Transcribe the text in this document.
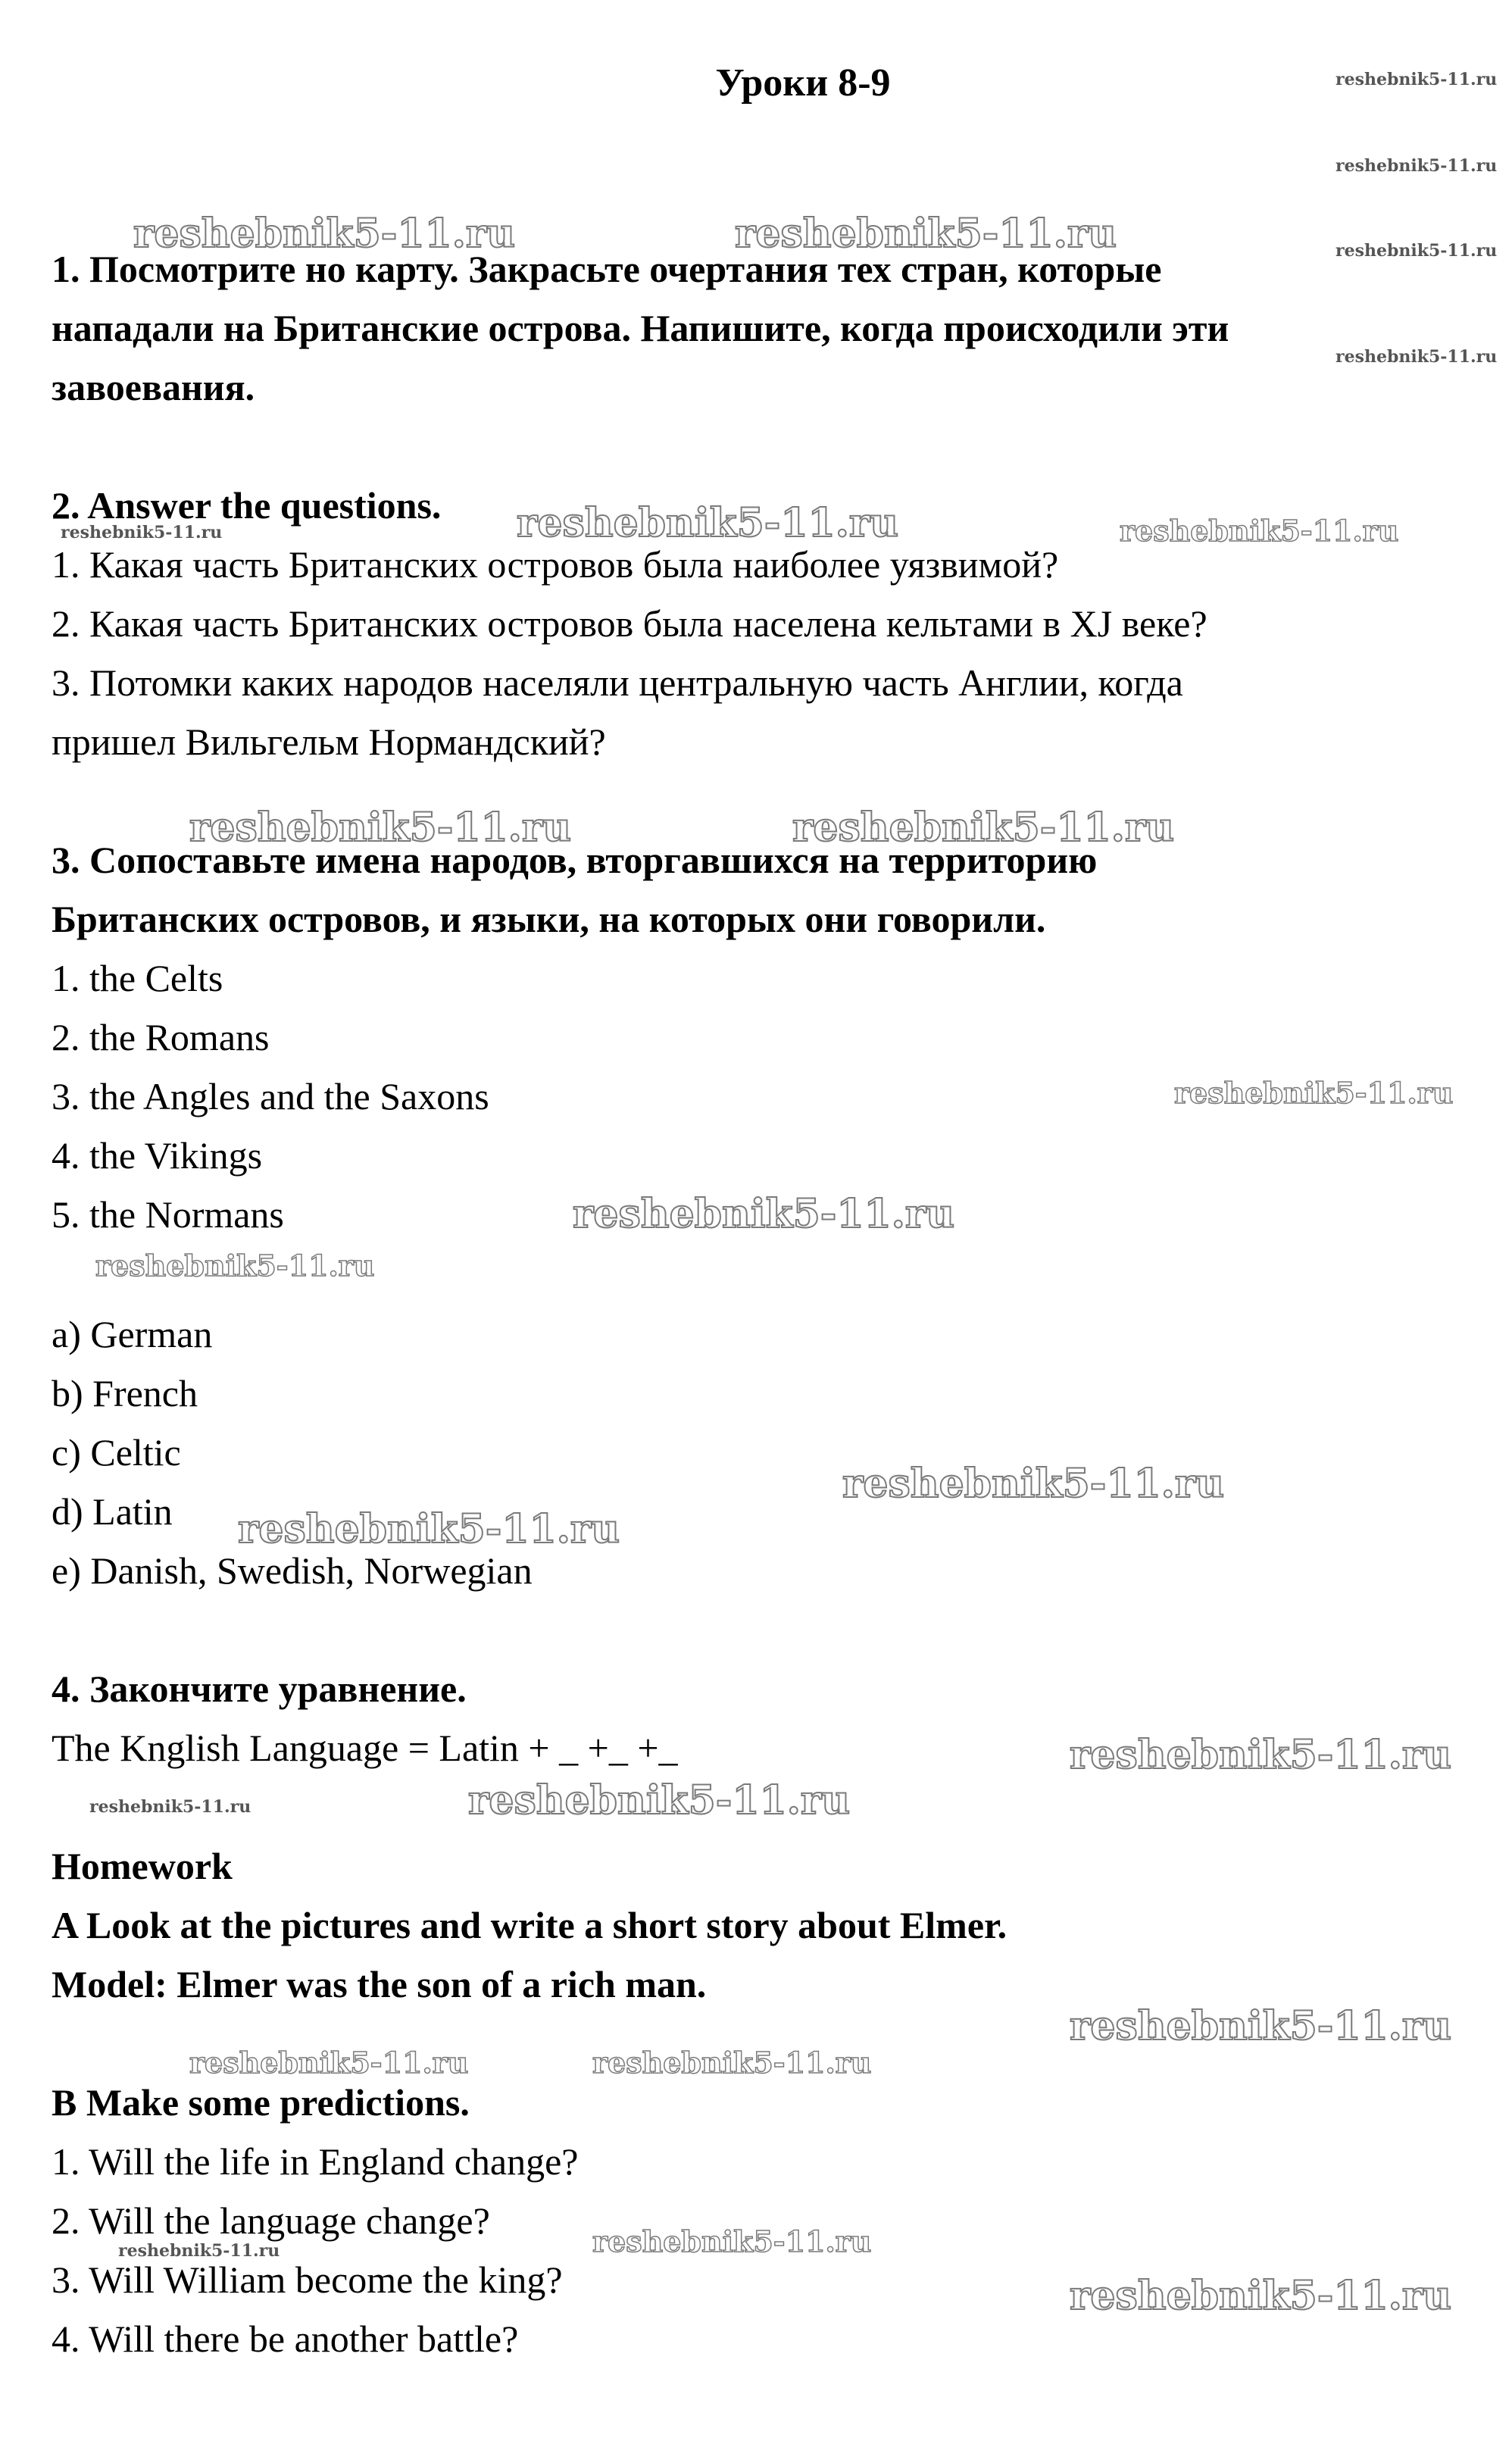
Уроки 8-9
1. Посмотрите но карту. Закрасьте очертания тех стран, которые
нападали на Британские острова. Напишите, когда происходили эти
завоевания.
2. Answer the questions.
1. Какая часть Британских островов была наиболее уязвимой?
2. Какая часть Британских островов была населена кельтами в XJ веке?
3. Потомки каких народов населяли центральную часть Англии, когда
пришел Вильгельм Нормандский?
3. Сопоставьте имена народов, вторгавшихся на территорию
Британских островов, и языки, на которых они говорили.
1. the Celts
2. the Romans
3. the Angles and the Saxons
4. the Vikings
5. the Normans
a) German
b) French
c) Celtic
d) Latin
e) Danish, Swedish, Norwegian
4. Закончите уравнение.
The Knglish Language = Latin + _ +_ +_
Homework
A Look at the pictures and write a short story about Elmer.
Model: Elmer was the son of a rich man.
B Make some predictions.
1. Will the life in England change?
2. Will the language change?
3. Will William become the king?
4. Will there be another battle?
reshebnik5-11.ru
reshebnik5-11.ru
reshebnik5-11.ru
reshebnik5-11.ru
reshebnik5-11.ru	reshebnik5-11.ru
reshebnik5-11.ru	reshebnik5-11.ru
reshebnik5-11.ru
reshebnik5-11.ru	reshebnik5-11.ru
reshebnik5-11.ru
reshebnik5-11.ru
reshebnik5-11.ru
reshebnik5-11.ru
reshebnik5-11.ru
reshebnik5-11.ru
reshebnik5-11.ru	reshebnik5-11.ru
reshebnik5-11.ru
reshebnik5-11.ru	reshebnik5-11.ru
reshebnik5-11.ru
reshebnik5-11.ru
reshebnik5-11.ru
